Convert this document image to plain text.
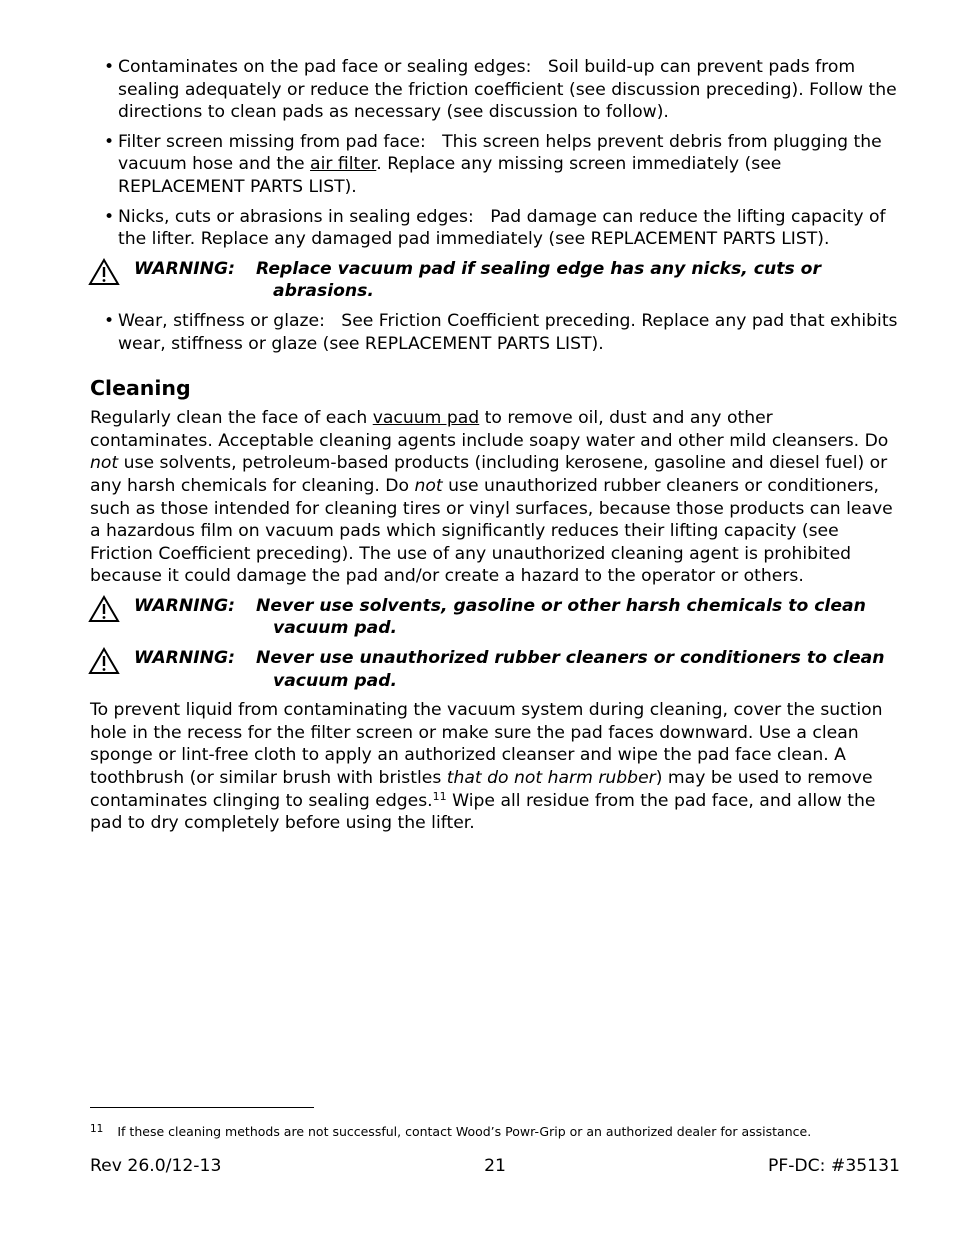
• Contaminates on the pad face or sealing edges: Soil build-up can prevent pads from sealing adequately or reduce the friction coefficient (see discussion preceding). Follow the directions to clean pads as necessary (see discussion to follow).
• Filter screen missing from pad face: This screen helps prevent debris from plugging the vacuum hose and the air filter. Replace any missing screen immediately (see REPLACEMENT PARTS LIST).
• Nicks, cuts or abrasions in sealing edges: Pad damage can reduce the lifting capacity of the lifter. Replace any damaged pad immediately (see REPLACEMENT PARTS LIST).
WARNING: Replace vacuum pad if sealing edge has any nicks, cuts or
abrasions.
• Wear, stiffness or glaze: See Friction Coefficient preceding. Replace any pad that exhibits wear, stiffness or glaze (see REPLACEMENT PARTS LIST).
Cleaning

Regularly clean the face of each vacuum pad to remove oil, dust and any other contaminates. Acceptable cleaning agents include soapy water and other mild cleansers. Do not use solvents, petroleum-based products (including kerosene, gasoline and diesel fuel) or any harsh chemicals for cleaning. Do not use unauthorized rubber cleaners or conditioners, such as those intended for cleaning tires or vinyl surfaces, because those products can leave a hazardous film on vacuum pads which significantly reduces their lifting capacity (see Friction Coefficient preceding). The use of any unauthorized cleaning agent is prohibited because it could damage the pad and/or create a hazard to the operator or others.

WARNING: Never use solvents, gasoline or other harsh chemicals to clean
vacuum pad.
WARNING: Never use unauthorized rubber cleaners or conditioners to clean
vacuum pad.

To prevent liquid from contaminating the vacuum system during cleaning, cover the suction hole in the recess for the filter screen or make sure the pad faces downward. Use a clean sponge or lint-free cloth to apply an authorized cleanser and wipe the pad face clean. A toothbrush (or similar brush with bristles that do not harm rubber) may be used to remove contaminates clinging to sealing edges.$^{11}$ Wipe all residue from the pad face, and allow the pad to dry completely before using the lifter.

$^{11}$ If these cleaning methods are not successful, contact Wood’s Powr-Grip or an authorized dealer for assistance.
21
Rev 26.0/12-13	PF-DC: #35131
